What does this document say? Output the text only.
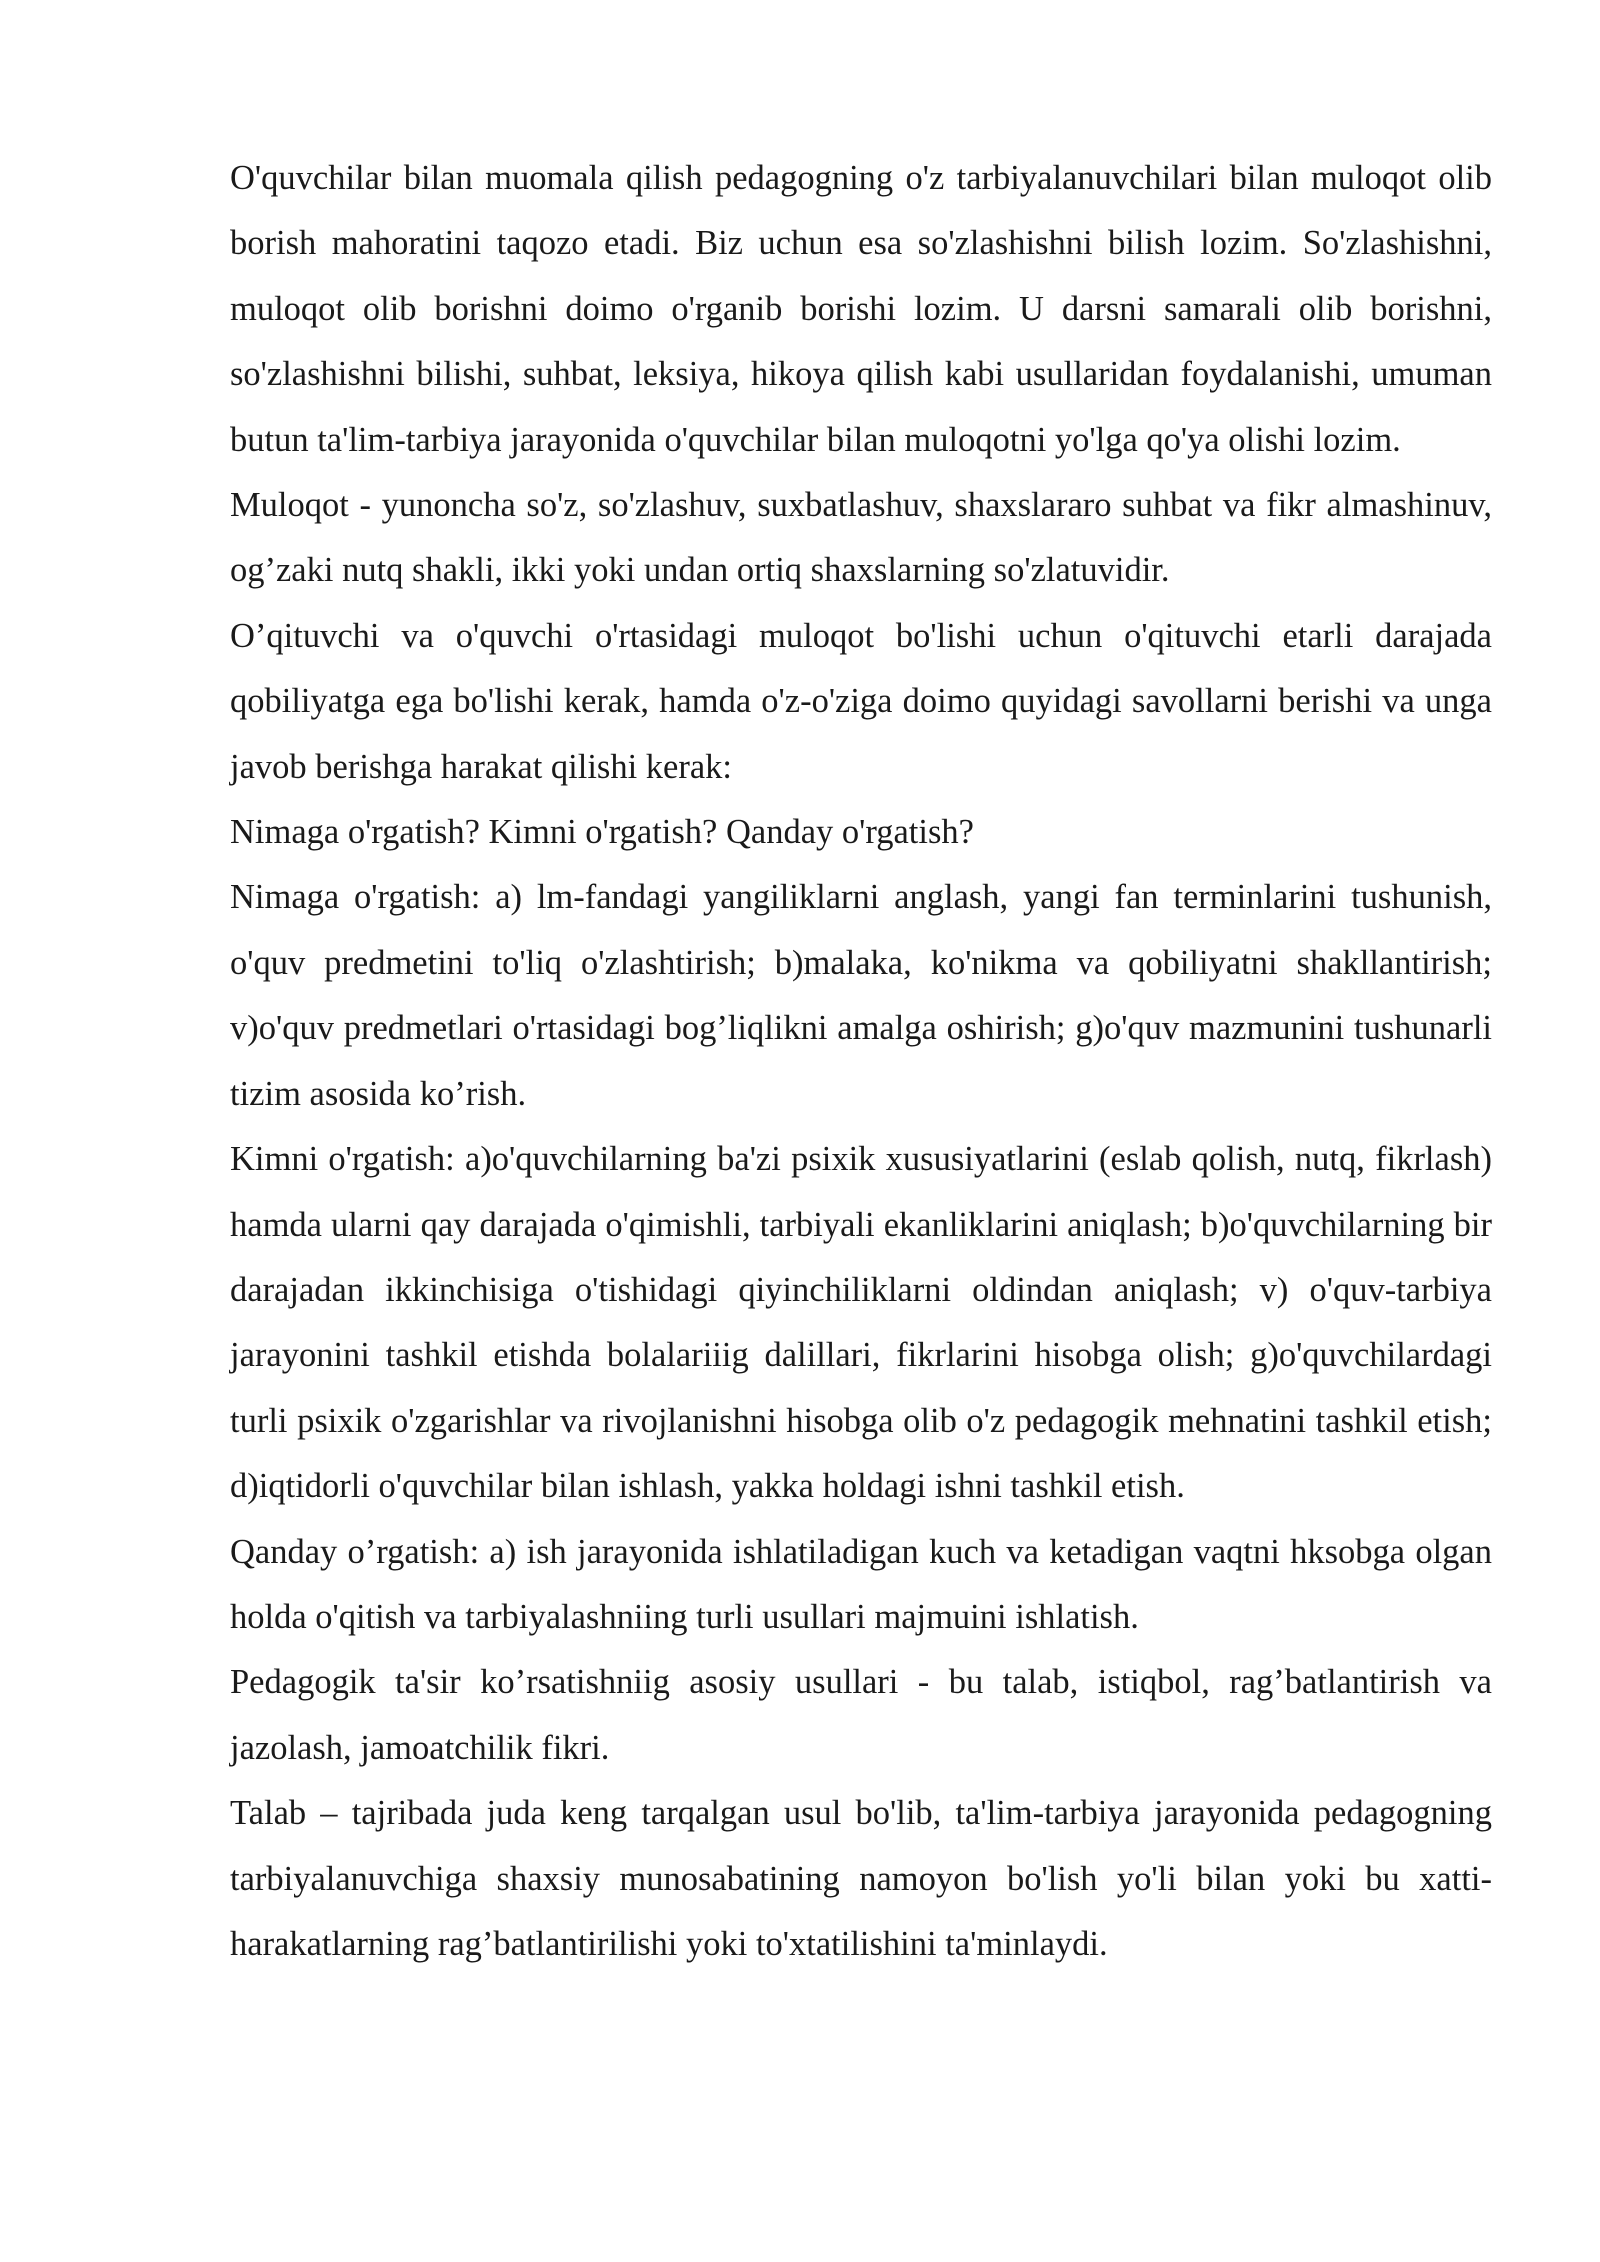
O'quvchilar bilan muomala qilish pedagogning o'z tarbiyalanuvchilari bilan muloqot olib borish mahoratini taqozo etadi. Biz uchun esa so'zlashishni bilish lozim. So'zlashishni, muloqot olib borishni doimo o'rganib borishi lozim. U darsni samarali olib borishni, so'zlashishni bilishi, suhbat, leksiya, hikoya qilish kabi usullaridan foydalanishi, umuman butun ta'lim-tarbiya jarayonida o'quvchilar bilan muloqotni yo'lga qo'ya olishi lozim.

Muloqot - yunoncha so'z, so'zlashuv, suxbatlashuv, shaxslararo suhbat va fikr almashinuv, og’zaki nutq shakli, ikki yoki undan ortiq shaxslarning so'zlatuvidir.

O’qituvchi va o'quvchi o'rtasidagi muloqot bo'lishi uchun o'qituvchi etarli darajada qobiliyatga ega bo'lishi kerak, hamda o'z-o'ziga doimo quyidagi savollarni berishi va unga javob berishga harakat qilishi kerak:

Nimaga o'rgatish? Kimni o'rgatish? Qanday o'rgatish?

Nimaga o'rgatish: a) lm-fandagi yangiliklarni anglash, yangi fan terminlarini tushunish, o'quv predmetini to'liq o'zlashtirish; b)malaka, ko'nikma va qobiliyatni shakllantirish; v)o'quv predmetlari o'rtasidagi bog’liqlikni amalga oshirish; g)o'quv mazmunini tushunarli tizim asosida ko’rish.

Kimni o'rgatish: a)o'quvchilarning ba'zi psixik xususiyatlarini (eslab qolish, nutq, fikrlash) hamda ularni qay darajada o'qimishli, tarbiyali ekanliklarini aniqlash; b)o'quvchilarning bir darajadan ikkinchisiga o'tishidagi qiyinchiliklarni oldindan aniqlash; v) o'quv-tarbiya jarayonini tashkil etishda bolalariiig dalillari, fikrlarini hisobga olish; g)o'quvchilardagi turli psixik o'zgarishlar va rivojlanishni hisobga olib o'z pedagogik mehnatini tashkil etish; d)iqtidorli o'quvchilar bilan ishlash, yakka holdagi ishni tashkil etish.

Qanday o’rgatish: a) ish jarayonida ishlatiladigan kuch va ketadigan vaqtni hksobga olgan holda o'qitish va tarbiyalashniing turli usullari majmuini ishlatish.

Pedagogik ta'sir ko’rsatishniig asosiy usullari - bu talab, istiqbol, rag’batlantirish va jazolash, jamoatchilik fikri.

Talab – tajribada juda keng tarqalgan usul bo'lib, ta'lim-tarbiya jarayonida pedagogning tarbiyalanuvchiga shaxsiy munosabatining namoyon bo'lish yo'li bilan yoki bu xatti-harakatlarning rag’batlantirilishi yoki to'xtatilishini ta'minlaydi.
